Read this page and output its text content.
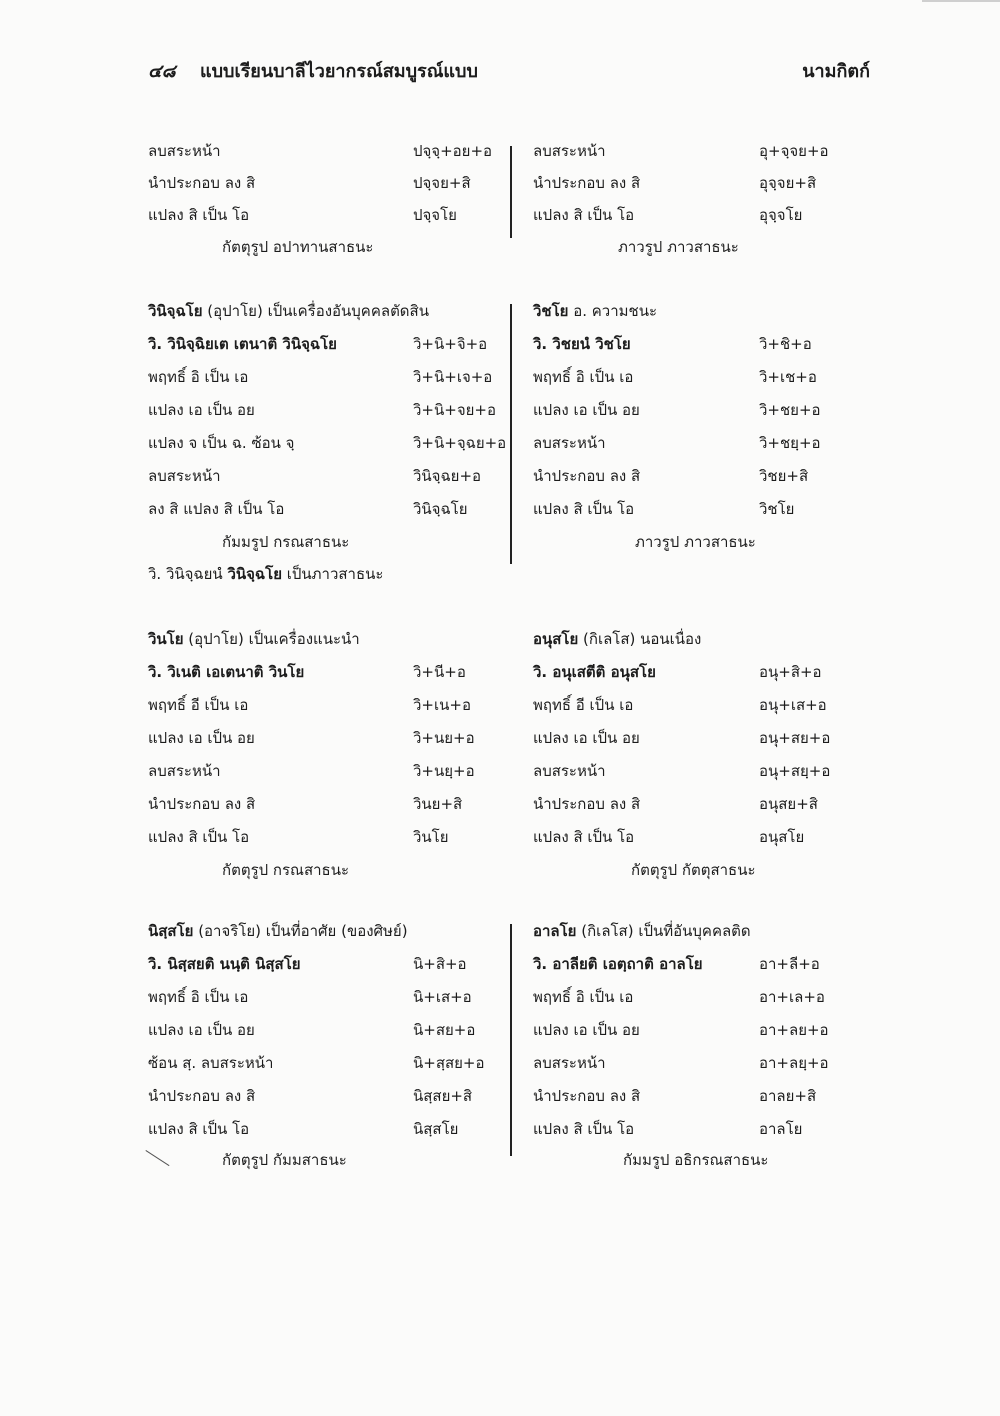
๔๘ แบบเรียนบาลีไวยากรณ์สมบูรณ์แบบ	นามกิตก์
ลบสระหน้า	ปจฺจฺ+อย+อ
นำประกอบ ลง สิ	ปจฺจย+สิ
แปลง สิ เป็น โอ	ปจฺจโย
กัตตุรูป อปาทานสาธนะ
ลบสระหน้า	อุ+จฺจย+อ
นำประกอบ ลง สิ	อุจฺจย+สิ
แปลง สิ เป็น โอ	อุจฺจโย
ภาวรูป ภาวสาธนะ
วินิจฺฉโย (อุปาโย) เป็นเครื่องอันบุคคลตัดสิน
วิ. วินิจฺฉิยเต เตนาติ วินิจฺฉโย	วิ+นิ+จิ+อ
พฤทธิ์ อิ เป็น เอ	วิ+นิ+เจ+อ
แปลง เอ เป็น อย	วิ+นิ+จย+อ
แปลง จ เป็น ฉ. ซ้อน จฺ	วิ+นิ+จฺฉย+อ
ลบสระหน้า	วินิจฺฉย+อ
ลง สิ แปลง สิ เป็น โอ	วินิจฺฉโย
กัมมรูป กรณสาธนะ
วิ. วินิจฺฉยนํ วินิจฺฉโย เป็นภาวสาธนะ
วิชโย อ. ความชนะ
วิ. วิชยนํ วิชโย	วิ+ชิ+อ
พฤทธิ์ อิ เป็น เอ	วิ+เช+อ
แปลง เอ เป็น อย	วิ+ชย+อ
ลบสระหน้า	วิ+ชยฺ+อ
นำประกอบ ลง สิ	วิชย+สิ
แปลง สิ เป็น โอ	วิชโย
ภาวรูป ภาวสาธนะ
วินโย (อุปาโย) เป็นเครื่องแนะนำ
วิ. วิเนติ เอเตนาติ วินโย	วิ+นี+อ
พฤทธิ์ อี เป็น เอ	วิ+เน+อ
แปลง เอ เป็น อย	วิ+นย+อ
ลบสระหน้า	วิ+นยฺ+อ
นำประกอบ ลง สิ	วินย+สิ
แปลง สิ เป็น โอ	วินโย
กัตตุรูป กรณสาธนะ
อนุสโย (กิเลโส) นอนเนื่อง
วิ. อนุเสตีติ อนุสโย	อนุ+สิ+อ
พฤทธิ์ อี เป็น เอ	อนุ+เส+อ
แปลง เอ เป็น อย	อนุ+สย+อ
ลบสระหน้า	อนุ+สยฺ+อ
นำประกอบ ลง สิ	อนุสย+สิ
แปลง สิ เป็น โอ	อนุสโย
กัตตุรูป กัตตุสาธนะ
นิสฺสโย (อาจริโย) เป็นที่อาศัย (ของศิษย์)
วิ. นิสฺสยติ นนฺติ นิสฺสโย	นิ+สิ+อ
พฤทธิ์ อิ เป็น เอ	นิ+เส+อ
แปลง เอ เป็น อย	นิ+สย+อ
ซ้อน สฺ. ลบสระหน้า	นิ+สฺสย+อ
นำประกอบ ลง สิ	นิสฺสย+สิ
แปลง สิ เป็น โอ	นิสฺสโย
กัตตุรูป กัมมสาธนะ
อาลโย (กิเลโส) เป็นที่อันบุคคลติด
วิ. อาลียติ เอตฺถาติ อาลโย	อา+ลี+อ
พฤทธิ์ อิ เป็น เอ	อา+เล+อ
แปลง เอ เป็น อย	อา+ลย+อ
ลบสระหน้า	อา+ลยฺ+อ
นำประกอบ ลง สิ	อาลย+สิ
แปลง สิ เป็น โอ	อาลโย
กัมมรูป อธิกรณสาธนะ
